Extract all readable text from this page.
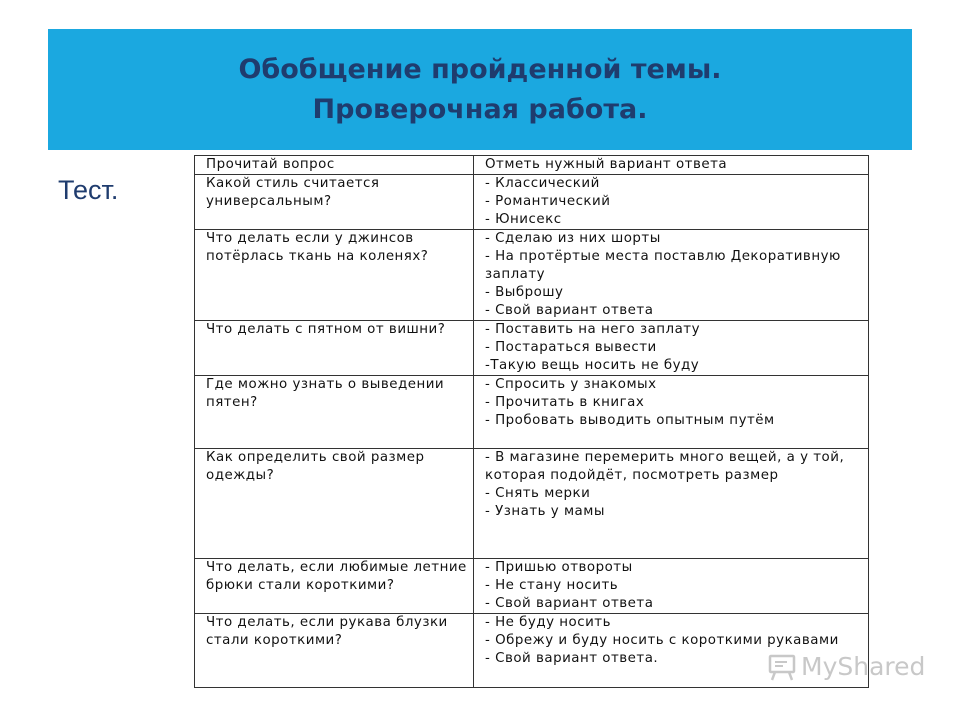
Обобщение пройденной темы.
Проверочная работа.
Тест.
Прочитай вопрос	Отметь нужный вариант ответа
Какой стиль считается универсальным?	- Классический
- Романтический
- Юнисекс

Что делать если у джинсов потёрлась ткань на коленях?	- Сделаю из них шорты
- На протёртые места поставлю Декоративную заплату
- Выброшу
- Свой вариант ответа

Что делать с пятном от вишни?	- Поставить на него заплату
- Постараться вывести
-Такую вещь носить не буду

Где можно узнать о выведении пятен?	- Спросить у знакомых
- Прочитать в книгах
- Пробовать выводить опытным путём

Как определить свой размер одежды?	- В магазине перемерить много вещей, а у той, которая подойдёт, посмотреть размер
- Снять мерки
- Узнать у мамы

Что делать, если любимые летние брюки стали короткими?	- Пришью отвороты
- Не стану носить
- Свой вариант ответа

Что делать, если рукава блузки стали короткими?	- Не буду носить
- Обрежу и буду носить с короткими рукавами
- Свой вариант ответа.	MyShared
